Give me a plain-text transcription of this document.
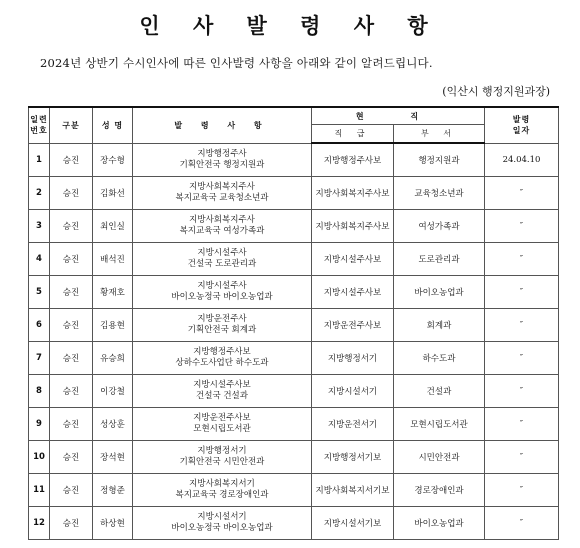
인 사 발 령 사 항
2024년 상반기 수시인사에 따른 인사발령 사항을 아래와 같이 알려드립니다.
(익산시 행정지원과장)
일련
번호	구분	성 명	발 령 사 항	현 직		발령
일자
				직 급	부 서	
1	승진	장수형	지방행정주사
기획안전국 행정지원과	지방행정주사보	행정지원과	24.04.10
2	승진	김화선	지방사회복지주사
복지교육국 교육청소년과	지방사회복지주사보	교육청소년과	″
3	승진	최인실	지방사회복지주사
복지교육국 여성가족과	지방사회복지주사보	여성가족과	″
4	승진	배석진	지방시설주사
건설국 도로관리과	지방시설주사보	도로관리과	″
5	승진	황재호	지방시설주사
바이오농정국 바이오농업과	지방시설주사보	바이오농업과	″
6	승진	김용현	지방운전주사
기획안전국 회계과	지방운전주사보	회계과	″
7	승진	유승희	지방행정주사보
상하수도사업단 하수도과	지방행정서기	하수도과	″
8	승진	이강철	지방시설주사보
건설국 건설과	지방시설서기	건설과	″
9	승진	성상훈	지방운전주사보
모현시립도서관	지방운전서기	모현시립도서관	″
10	승진	장석현	지방행정서기
기획안전국 시민안전과	지방행정서기보	시민안전과	″
11	승진	정형준	지방사회복지서기
복지교육국 경로장애인과	지방사회복지서기보	경로장애인과	″
12	승진	하상현	지방시설서기
바이오농정국 바이오농업과	지방시설서기보	바이오농업과	″
